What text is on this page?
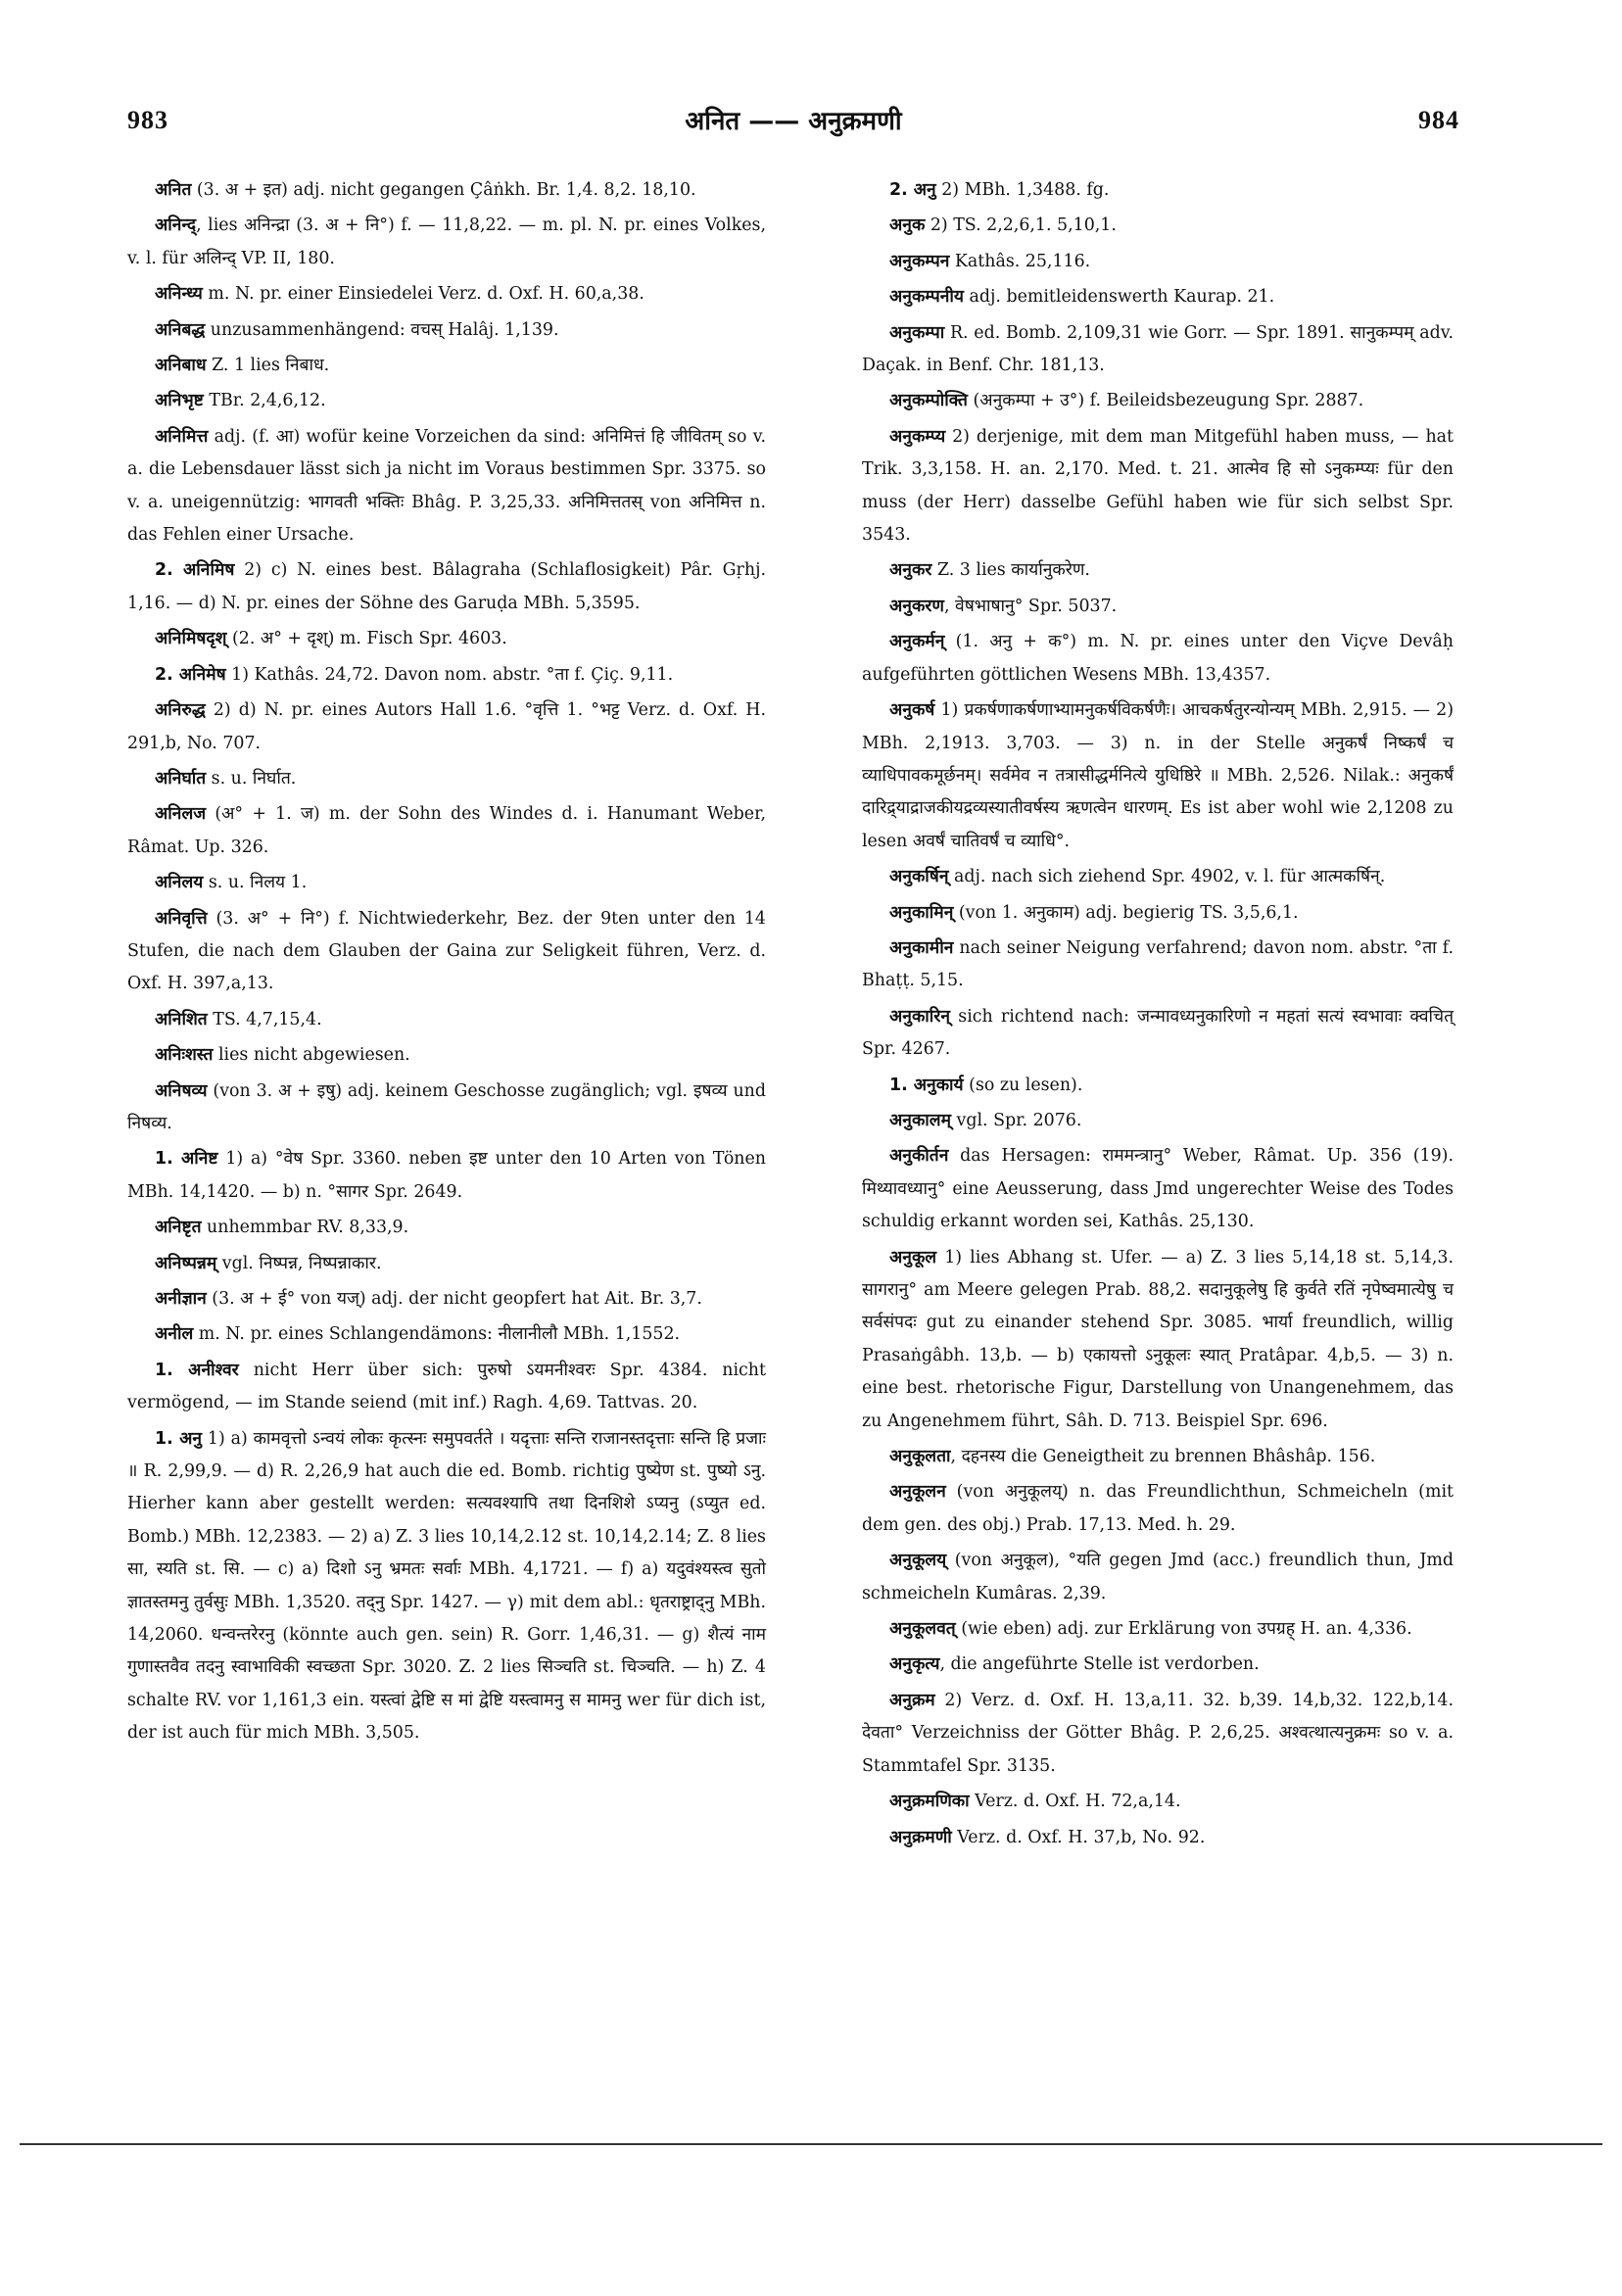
983	अनित —— अनुक्रमणी	984

अनित (3. अ + इत) adj. nicht gegangen Çâṅkh. Br. 1,4. 8,2. 18,10.

अनिन्द्, lies अनिन्द्रा (3. अ + नि°) f. — 11,8,22. — m. pl. N. pr. eines Volkes, v. l. für अलिन्द् VP. II, 180.

अनिन्ध्य m. N. pr. einer Einsiedelei Verz. d. Oxf. H. 60,a,38.

अनिबद्ध unzusammenhängend: वचस् Halâj. 1,139.

अनिबाध Z. 1 lies निबाध.

अनिभृष्ट TBr. 2,4,6,12.

अनिमित्त adj. (f. आ) wofür keine Vorzeichen da sind: अनिमित्तं हि जीवितम् so v. a. die Lebensdauer lässt sich ja nicht im Voraus bestimmen Spr. 3375. so v. a. uneigennützig: भागवती भक्तिः Bhâg. P. 3,25,33. अनिमित्ततस् von अनिमित्त n. das Fehlen einer Ursache.

2. अनिमिष 2) c) N. eines best. Bâlagraha (Schlaflosigkeit) Pâr. Gṛhj. 1,16. — d) N. pr. eines der Söhne des Garuḍa MBh. 5,3595.

अनिमिषदृश् (2. अ° + दृश्) m. Fisch Spr. 4603.

2. अनिमेष 1) Kathâs. 24,72. Davon nom. abstr. °ता f. Çiç. 9,11.

अनिरुद्ध 2) d) N. pr. eines Autors Hall 1.6. °वृत्ति 1. °भट्ट Verz. d. Oxf. H. 291,b, No. 707.

अनिर्घात s. u. निर्घात.

अनिलज (अ° + 1. ज) m. der Sohn des Windes d. i. Hanumant Weber, Râmat. Up. 326.

अनिलय s. u. निलय 1.

अनिवृत्ति (3. अ° + नि°) f. Nichtwiederkehr, Bez. der 9ten unter den 14 Stufen, die nach dem Glauben der Gaina zur Seligkeit führen, Verz. d. Oxf. H. 397,a,13.

अनिशित TS. 4,7,15,4.

अनिःशस्त lies nicht abgewiesen.

अनिषव्य (von 3. अ + इषु) adj. keinem Geschosse zugänglich; vgl. इषव्य und निषव्य.

1. अनिष्ट 1) a) °वेष Spr. 3360. neben इष्ट unter den 10 Arten von Tönen MBh. 14,1420. — b) n. °सागर Spr. 2649.

अनिष्टृत unhemmbar RV. 8,33,9.

अनिष्पन्नम् vgl. निष्पन्न, निष्पन्नाकार.

अनीज्ञान (3. अ + ई° von यज्) adj. der nicht geopfert hat Ait. Br. 3,7.

अनील m. N. pr. eines Schlangendämons: नीलानीलौ MBh. 1,1552.

1. अनीश्वर nicht Herr über sich: पुरुषो ऽयमनीश्वरः Spr. 4384. nicht vermögend, — im Stande seiend (mit inf.) Ragh. 4,69. Tattvas. 20.

1. अनु 1) a) कामवृत्तो ऽन्वयं लोकः कृत्स्नः समुपवर्तते । यदृत्ताः सन्ति राजानस्तदृत्ताः सन्ति हि प्रजाः ॥ R. 2,99,9. — d) R. 2,26,9 hat auch die ed. Bomb. richtig पुष्येण st. पुष्यो ऽनु. Hierher kann aber gestellt werden: सत्यवश्यापि तथा दिनशिशे ऽप्यनु (ऽप्युत ed. Bomb.) MBh. 12,2383. — 2) a) Z. 3 lies 10,14,2.12 st. 10,14,2.14; Z. 8 lies सा, स्यति st. सि. — c) a) दिशो ऽनु भ्रमतः सर्वाः MBh. 4,1721. — f) a) यदुवंश्यस्त्व सुतो ज्ञातस्तमनु तुर्वसुः MBh. 1,3520. तद्नु Spr. 1427. — γ) mit dem abl.: धृतराष्ट्राद्नु MBh. 14,2060. धन्वन्तरेरनु (könnte auch gen. sein) R. Gorr. 1,46,31. — g) शैत्यं नाम गुणास्तवैव तदनु स्वाभाविकी स्वच्छता Spr. 3020. Z. 2 lies सिञ्चति st. चिञ्चति. — h) Z. 4 schalte RV. vor 1,161,3 ein. यस्त्वां द्वेष्टि स मां द्वेष्टि यस्त्वामनु स मामनु wer für dich ist, der ist auch für mich MBh. 3,505.

2. अनु 2) MBh. 1,3488. fg.

अनुक 2) TS. 2,2,6,1. 5,10,1.

अनुकम्पन Kathâs. 25,116.

अनुकम्पनीय adj. bemitleidenswerth Kaurap. 21.

अनुकम्पा R. ed. Bomb. 2,109,31 wie Gorr. — Spr. 1891. सानुकम्पम् adv. Daçak. in Benf. Chr. 181,13.

अनुकम्पोक्ति (अनुकम्पा + उ°) f. Beileidsbezeugung Spr. 2887.

अनुकम्प्य 2) derjenige, mit dem man Mitgefühl haben muss, — hat Trik. 3,3,158. H. an. 2,170. Med. t. 21. आत्मेव हि सो ऽनुकम्प्यः für den muss (der Herr) dasselbe Gefühl haben wie für sich selbst Spr. 3543.

अनुकर Z. 3 lies कार्यानुकरेण.

अनुकरण, वेषभाषानु° Spr. 5037.

अनुकर्मन् (1. अनु + क°) m. N. pr. eines unter den Viçve Devâḥ aufgeführten göttlichen Wesens MBh. 13,4357.

अनुकर्ष 1) प्रकर्षणाकर्षणाभ्यामनुकर्षविकर्षणैः। आचकर्षतुरन्योन्यम् MBh. 2,915. — 2) MBh. 2,1913. 3,703. — 3) n. in der Stelle अनुकर्षं निष्कर्षं च व्याधिपावकमूर्छनम्। सर्वमेव न तत्रासीद्धर्मनित्ये युधिष्ठिरे ॥ MBh. 2,526. Nilak.: अनुकर्षं दारिद्र्याद्राजकीयद्रव्यस्यातीवर्षस्य ऋणत्वेन धारणम्. Es ist aber wohl wie 2,1208 zu lesen अवर्षं चातिवर्षं च व्याधि°.

अनुकर्षिन् adj. nach sich ziehend Spr. 4902, v. l. für आत्मकर्षिन्.

अनुकामिन् (von 1. अनुकाम) adj. begierig TS. 3,5,6,1.

अनुकामीन nach seiner Neigung verfahrend; davon nom. abstr. °ता f. Bhaṭṭ. 5,15.

अनुकारिन् sich richtend nach: जन्मावध्यनुकारिणो न महतां सत्यं स्वभावाः क्वचित् Spr. 4267.

1. अनुकार्य (so zu lesen).

अनुकालम् vgl. Spr. 2076.

अनुकीर्तन das Hersagen: राममन्त्रानु° Weber, Râmat. Up. 356 (19). मिथ्यावध्यानु° eine Aeusserung, dass Jmd ungerechter Weise des Todes schuldig erkannt worden sei, Kathâs. 25,130.

अनुकूल 1) lies Abhang st. Ufer. — a) Z. 3 lies 5,14,18 st. 5,14,3. सागरानु° am Meere gelegen Prab. 88,2. सदानुकूलेषु हि कुर्वते रतिं नृपेष्वमात्येषु च सर्वसंपदः gut zu einander stehend Spr. 3085. भार्या freundlich, willig Prasaṅgâbh. 13,b. — b) एकायत्तो ऽनुकूलः स्यात् Pratâpar. 4,b,5. — 3) n. eine best. rhetorische Figur, Darstellung von Unangenehmem, das zu Angenehmem führt, Sâh. D. 713. Beispiel Spr. 696.

अनुकूलता, दहनस्य die Geneigtheit zu brennen Bhâshâp. 156.

अनुकूलन (von अनुकूलय्) n. das Freundlichthun, Schmeicheln (mit dem gen. des obj.) Prab. 17,13. Med. h. 29.

अनुकूलय् (von अनुकूल), °यति gegen Jmd (acc.) freundlich thun, Jmd schmeicheln Kumâras. 2,39.

अनुकूलवत् (wie eben) adj. zur Erklärung von उपग्रह् H. an. 4,336.

अनुकृत्य, die angeführte Stelle ist verdorben.

अनुक्रम 2) Verz. d. Oxf. H. 13,a,11. 32. b,39. 14,b,32. 122,b,14. देवता° Verzeichniss der Götter Bhâg. P. 2,6,25. अश्वत्थात्यनुक्रमः so v. a. Stammtafel Spr. 3135.

अनुक्रमणिका Verz. d. Oxf. H. 72,a,14.

अनुक्रमणी Verz. d. Oxf. H. 37,b, No. 92.
